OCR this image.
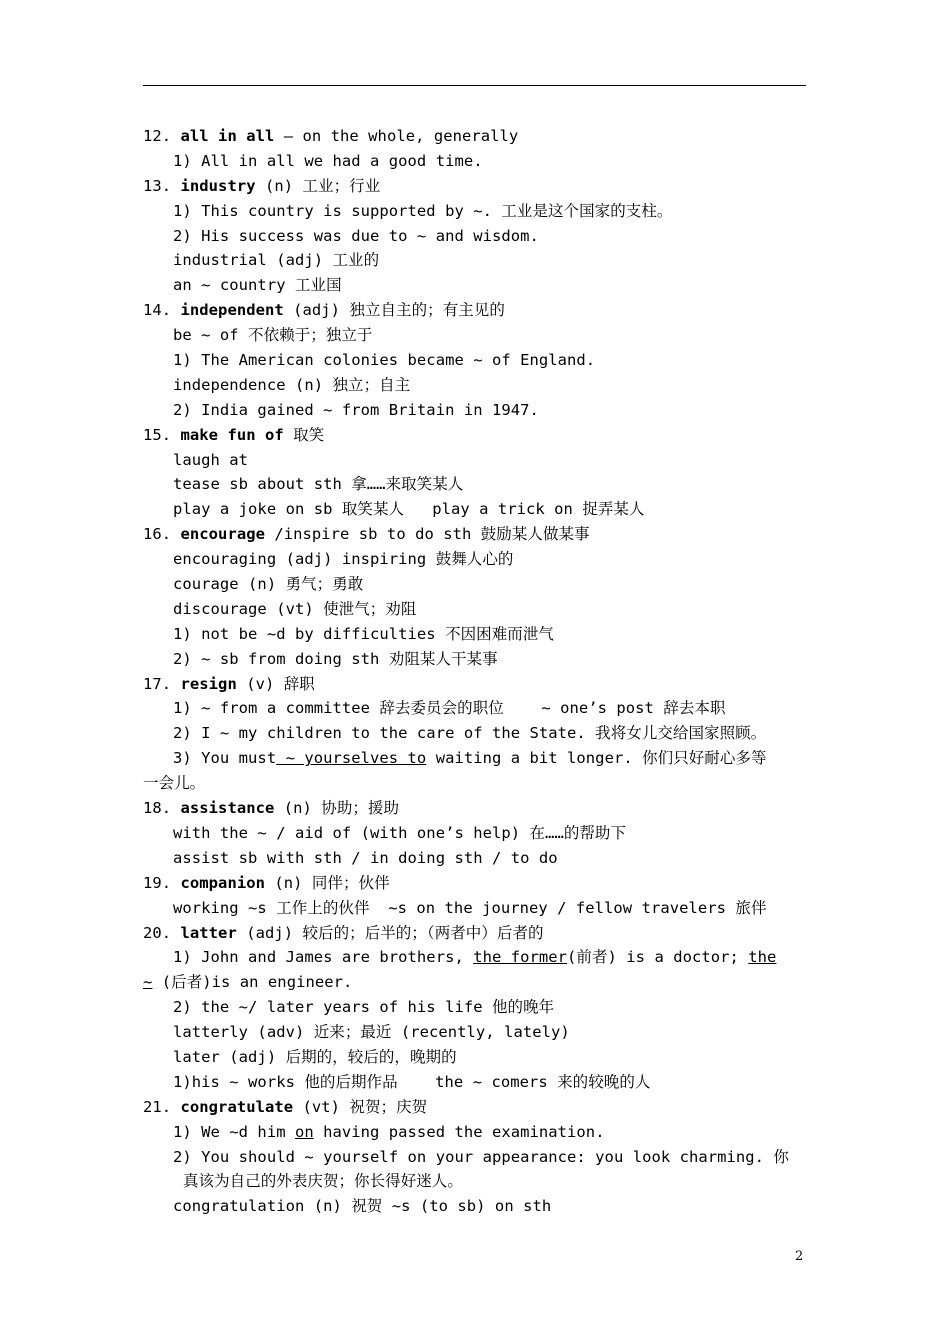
12. all in all – on the whole, generally
1) All in all we had a good time.
13. industry (n) 工业；行业
1) This country is supported by ~. 工业是这个国家的支柱。
2) His success was due to ~ and wisdom.
industrial (adj) 工业的
an ~ country 工业国
14. independent (adj) 独立自主的；有主见的
be ~ of 不依赖于；独立于
1) The American colonies became ~ of England.
independence (n) 独立；自主
2) India gained ~ from Britain in 1947.
15. make fun of 取笑
laugh at
tease sb about sth 拿……来取笑某人
play a joke on sb 取笑某人   play a trick on 捉弄某人
16. encourage /inspire sb to do sth 鼓励某人做某事
encouraging (adj) inspiring 鼓舞人心的
courage (n) 勇气；勇敢
discourage (vt) 使泄气；劝阻
1) not be ~d by difficulties 不因困难而泄气
2) ~ sb from doing sth 劝阻某人干某事
17. resign (v) 辞职
1) ~ from a committee 辞去委员会的职位    ~ one’s post 辞去本职
2) I ~ my children to the care of the State. 我将女儿交给国家照顾。
3) You must ~ yourselves to waiting a bit longer. 你们只好耐心多等
一会儿。
18. assistance (n) 协助；援助
with the ~ / aid of (with one’s help) 在……的帮助下
assist sb with sth / in doing sth / to do
19. companion (n) 同伴；伙伴
working ~s 工作上的伙伴  ~s on the journey / fellow travelers 旅伴
20. latter (adj) 较后的；后半的；（两者中）后者的
1) John and James are brothers, the former(前者) is a doctor; the
~ (后者)is an engineer.
2) the ~/ later years of his life 他的晚年
latterly (adv) 近来；最近 (recently, lately)
later (adj) 后期的，较后的，晚期的
1)his ~ works 他的后期作品    the ~ comers 来的较晚的人
21. congratulate (vt) 祝贺；庆贺
1) We ~d him on having passed the examination.
2) You should ~ yourself on your appearance: you look charming. 你
真该为自己的外表庆贺；你长得好迷人。
congratulation (n) 祝贺 ~s (to sb) on sth
2
